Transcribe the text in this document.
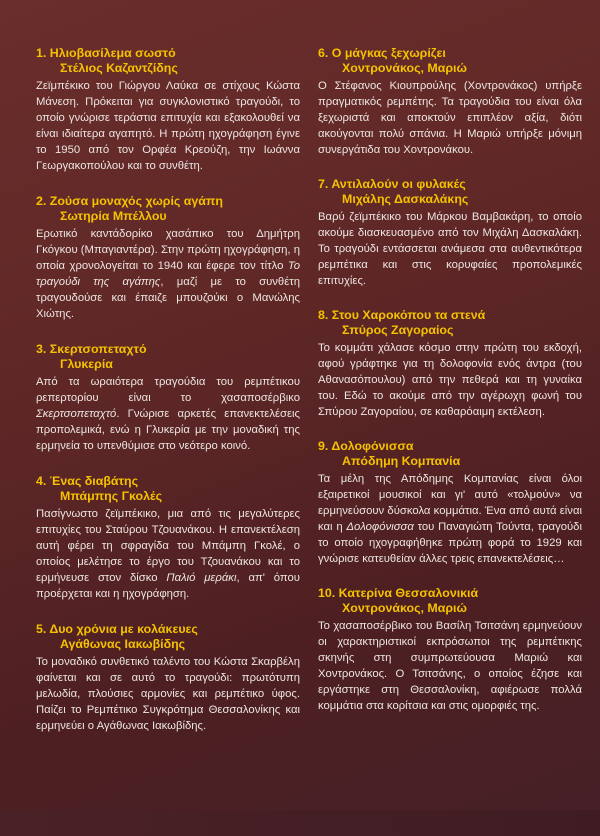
1. Ηλιοβασίλεμα σωστό

Στέλιος Καζαντζίδης

Ζεϊμπέκικο του Γιώργου Λαύκα σε στίχους Κώστα Μάνεση. Πρόκειται για συγκλονιστικό τραγούδι, το οποίο γνώρισε τεράστια επιτυχία και εξακολουθεί να είναι ιδιαίτερα αγαπητό. Η πρώτη ηχογράφηση έγινε το 1950 από τον Ορφέα Κρεούζη, την Ιωάννα Γεωργακοπούλου και το συνθέτη.

2. Ζούσα μοναχός χωρίς αγάπη

Σωτηρία Μπέλλου

Ερωτικό καντάδορίκο χασάπικο του Δημήτρη Γκόγκου (Μπαγιαντέρα). Στην πρώτη ηχογράφηση, η οποία χρονολογείται το 1940 και έφερε τον τίτλο Το τραγούδι της αγάπης, μαζί με το συνθέτη τραγουδούσε και έπαιζε μπουζούκι ο Μανώλης Χιώτης.

3. Σκερτσοπεταχτό

Γλυκερία

Από τα ωραιότερα τραγούδια του ρεμπέτικου ρεπερτορίου είναι το χασαποσέρβικο Σκερτσοπεταχτό. Γνώρισε αρκετές επανεκτελέσεις προπολεμικά, ενώ η Γλυκερία με την μοναδική της ερμηνεία το υπενθύμισε στο νεότερο κοινό.

4. Ένας διαβάτης

Μπάμπης Γκολές

Πασίγνωστο ζεϊμπέκικο, μια από τις μεγαλύτερες επιτυχίες του Σταύρου Τζουανάκου. Η επανεκτέλεση αυτή φέρει τη σφραγίδα του Μπάμπη Γκολέ, ο οποίος μελέτησε το έργο του Τζουανάκου και το ερμήνευσε στον δίσκο Παλιό μεράκι, απ' όπου προέρχεται και η ηχογράφηση.

5. Δυο χρόνια με κολάκευες

Αγάθωνας Ιακωβίδης

Το μοναδικό συνθετικό ταλέντο του Κώστα Σκαρβέλη φαίνεται και σε αυτό το τραγούδι: πρωτότυπη μελωδία, πλούσιες αρμονίες και ρεμπέτικο ύφος. Παίζει το Ρεμπέτικο Συγκρότημα Θεσσαλονίκης και ερμηνεύει ο Αγάθωνας Ιακωβίδης.

6. Ο μάγκας ξεχωρίζει

Χοντρονάκος, Μαριώ

Ο Στέφανος Κιουπρούλης (Χοντρονάκος) υπήρξε πραγματικός ρεμπέτης. Τα τραγούδια του είναι όλα ξεχωριστά και αποκτούν επιπλέον αξία, διότι ακούγονται πολύ σπάνια. Η Μαριώ υπήρξε μόνιμη συνεργάτιδα του Χοντρονάκου.

7. Αντιλαλούν οι φυλακές

Μιχάλης Δασκαλάκης

Βαρύ ζεϊμπέκικο του Μάρκου Βαμβακάρη, το οποίο ακούμε διασκευασμένο από τον Μιχάλη Δασκαλάκη. Το τραγούδι εντάσσεται ανάμεσα στα αυθεντικότερα ρεμπέτικα και στις κορυφαίες προπολεμικές επιτυχίες.

8. Στου Χαροκόπου τα στενά

Σπύρος Ζαγοραίος

Το κομμάτι χάλασε κόσμο στην πρώτη του εκδοχή, αφού γράφτηκε για τη δολοφονία ενός άντρα (του Αθανασόπουλου) από την πεθερά και τη γυναίκα του. Εδώ το ακούμε από την αγέρωχη φωνή του Σπύρου Ζαγοραίου, σε καθαρόαιμη εκτέλεση.

9. Δολοφόνισσα

Απόδημη Κομπανία

Τα μέλη της Απόδημης Κομπανίας είναι όλοι εξαιρετικοί μουσικοί και γι' αυτό «τολμούν» να ερμηνεύσουν δύσκολα κομμάτια. Ένα από αυτά είναι και η Δολοφόνισσα του Παναγιώτη Τούντα, τραγούδι το οποίο ηχογραφήθηκε πρώτη φορά το 1929 και γνώρισε κατευθείαν άλλες τρεις επανεκτελέσεις…

10. Κατερίνα Θεσσαλονικιά

Χοντρονάκος, Μαριώ

Το χασαποσέρβικο του Βασίλη Τσιτσάνη ερμηνεύουν οι χαρακτηριστικοί εκπρόσωποι της ρεμπέτικης σκηνής στη συμπρωτεύουσα Μαριώ και Χοντρονάκος. Ο Τσιτσάνης, ο οποίος έζησε και εργάστηκε στη Θεσσαλονίκη, αφιέρωσε πολλά κομμάτια στα κορίτσια και στις ομορφιές της.
